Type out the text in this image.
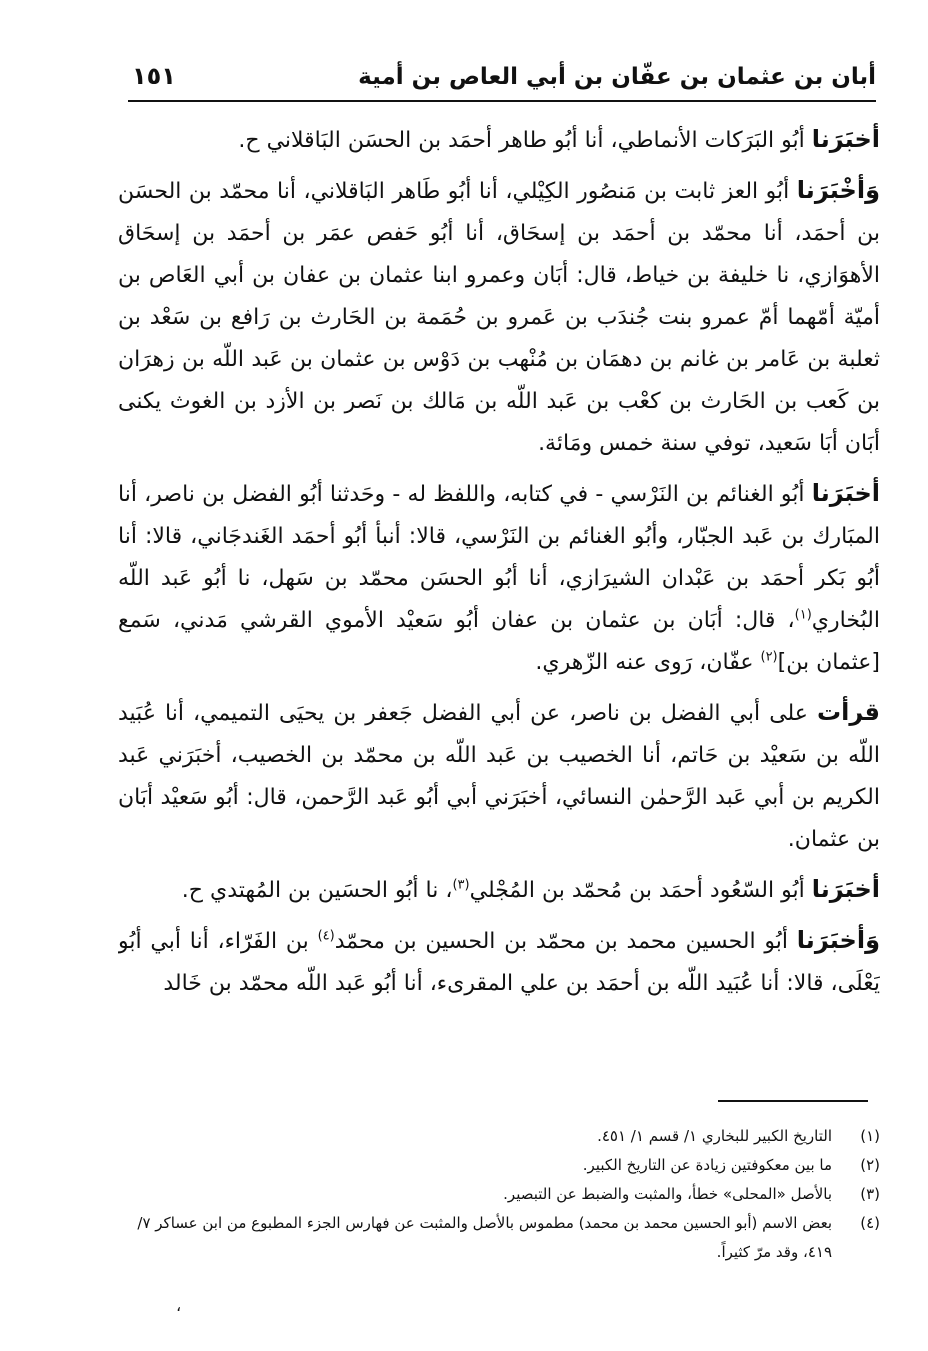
أبان بن عثمان بن عفّان بن أبي العاص بن أمية
١٥١

أخبَرَنا أبُو البَرَكات الأنماطي، أنا أبُو طاهر أحمَد بن الحسَن البَاقلاني ح.

وَأخْبَرَنا أبُو العز ثابت بن مَنصُور الكِيْلي، أنا أبُو طَاهر البَاقلاني، أنا محمّد بن الحسَن بن أحمَد، أنا محمّد بن أحمَد بن إسحَاق، أنا أبُو حَفص عمَر بن أحمَد بن إسحَاق الأهوَازي، نا خليفة بن خياط، قال: أبَان وعمرو ابنا عثمان بن عفان بن أبي العَاص بن أميّة أمّهما أمّ عمرو بنت جُندَب بن عَمرو بن حُمَمة بن الحَارث بن رَافع بن سَعْد بن ثعلبة بن عَامر بن غانم بن دهمَان بن مُنْهب بن دَوْس بن عثمان بن عَبد اللّه بن زهرَان بن كَعب بن الحَارث بن كعْب بن عَبد اللّه بن مَالك بن نَصر بن الأزد بن الغوث يكنى أبَان أبَا سَعيد، توفي سنة خمس ومَائة.

أخبَرَنا أبُو الغنائم بن النَرْسي - في كتابه، واللفظ له - وحَدثنا أبُو الفضل بن ناصر، أنا المبَارك بن عَبد الجبّار، وأبُو الغنائم بن النَرْسي، قالا: أنبأ أبُو أحمَد الغَندجَاني، قالا: أنا أبُو بَكر أحمَد بن عَبْدان الشيرَازي، أنا أبُو الحسَن محمّد بن سَهل، نا أبُو عَبد اللّه البُخاري$^{(١)}$، قال: أبَان بن عثمان بن عفان أبُو سَعيْد الأموي القرشي مَدني، سَمع [عثمان بن]$^{(٢)}$ عفّان، رَوى عنه الزّهري.

قرأت على أبي الفضل بن ناصر، عن أبي الفضل جَعفر بن يحيَى التميمي، أنا عُبَيد اللّه بن سَعيْد بن حَاتم، أنا الخصيب بن عَبد اللّه بن محمّد بن الخصيب، أخبَرَني عَبد الكريم بن أبي عَبد الرَّحمٰن النسائي، أخبَرَني أبي أبُو عَبد الرَّحمن، قال: أبُو سَعيْد أبَان بن عثمان.

أخبَرَنا أبُو السّعُود أحمَد بن مُحمّد بن المُجْلي$^{(٣)}$، نا أبُو الحسَين بن المُهتدي ح.

وَأخبَرَنا أبُو الحسين محمد بن محمّد بن الحسين بن محمّد$^{(٤)}$ بن الفَرّاء، أنا أبي أبُو يَعْلَى، قالا: أنا عُبَيد اللّه بن أحمَد بن علي المقرىء، أنا أبُو عَبد اللّه محمّد بن خَالد

(١)
التاريخ الكبير للبخاري ١/ قسم ١/ ٤٥١.
(٢)
ما بين معكوفتين زيادة عن التاريخ الكبير.
(٣)
بالأصل «المحلى» خطأ، والمثبت والضبط عن التبصير.
(٤)
بعض الاسم (أبو الحسين محمد بن محمد) مطموس بالأصل والمثبت عن فهارس الجزء المطبوع من ابن عساكر ٧/ ٤١٩، وقد مرّ كثيراً.
،
